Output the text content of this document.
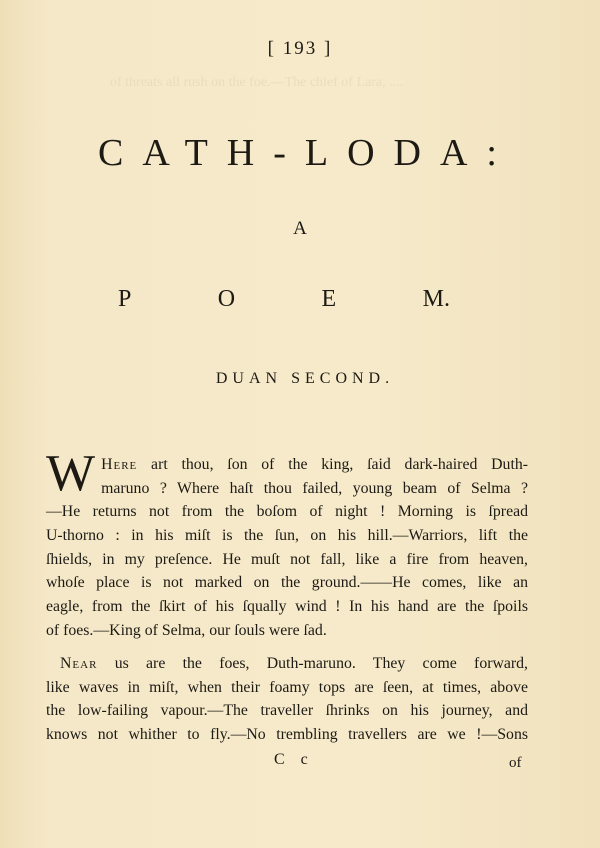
of threats all rush on the foe.—The chief of Lara, ....
[ 193 ]
CATH-LODA:
A
P	O	E	M.
DUAN SECOND.
W Here art thou, ſon of the king, ſaid dark-haired Duth-
maruno ? Where haſt thou failed, young beam of Selma ?
—He returns not from the boſom of night ! Morning is ſpread
U-thorno : in his miſt is the ſun, on his hill.—Warriors, lift the
ſhields, in my preſence. He muſt not fall, like a fire from heaven,
whoſe place is not marked on the ground.——He comes, like an
eagle, from the ſkirt of his ſqually wind ! In his hand are the ſpoils
of foes.—King of Selma, our ſouls were ſad.
Near us are the foes, Duth-maruno. They come forward,
like waves in miſt, when their foamy tops are ſeen, at times, above
the low-failing vapour.—The traveller ſhrinks on his journey, and
knows not whither to fly.—No trembling travellers are we !—Sons
C c	of
